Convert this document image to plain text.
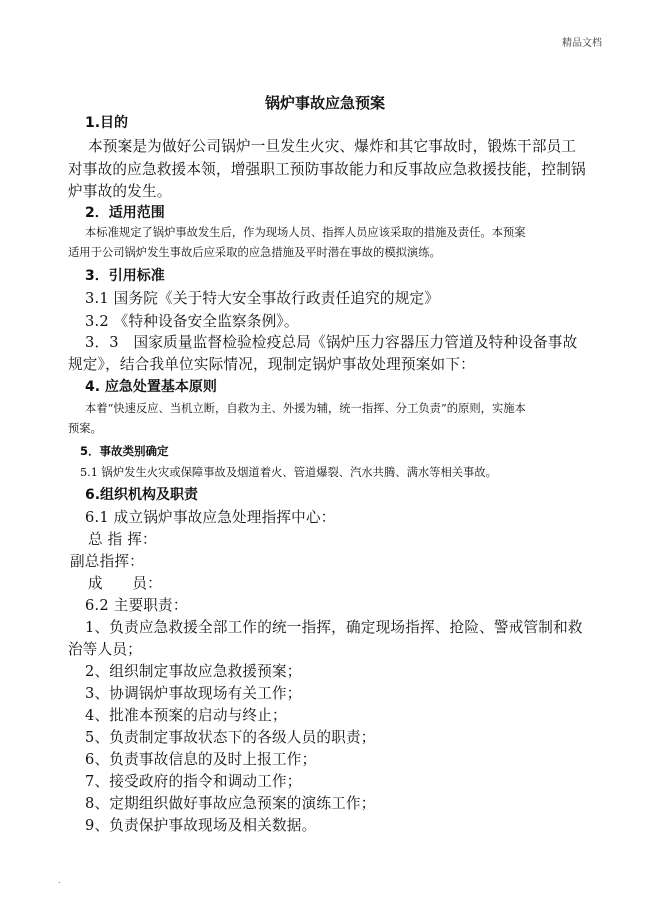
精品文档
锅炉事故应急预案
1.目的
本预案是为做好公司锅炉一旦发生火灾、爆炸和其它事故时，锻炼干部员工
对事故的应急救援本领，增强职工预防事故能力和反事故应急救援技能，控制锅
炉事故的发生。
2．适用范围
本标准规定了锅炉事故发生后，作为现场人员、指挥人员应该采取的措施及责任。本预案
适用于公司锅炉发生事故后应采取的应急措施及平时潜在事故的模拟演练。
3．引用标准
3.1 国务院《关于特大安全事故行政责任追究的规定》
3.2 《特种设备安全监察条例》。
3．3　国家质量监督检验检疫总局《锅炉压力容器压力管道及特种设备事故
规定》，结合我单位实际情况，现制定锅炉事故处理预案如下：
4. 应急处置基本原则
本着“快速反应、当机立断，自救为主、外援为辅，统一指挥、分工负责”的原则，实施本
预案。
5．事故类别确定
5.1 锅炉发生火灾或保障事故及烟道着火、管道爆裂、汽水共腾、满水等相关事故。
6.组织机构及职责
6.1 成立锅炉事故应急处理指挥中心：
总 指 挥：
副总指挥：
成　　员：
6.2 主要职责：
1、负责应急救援全部工作的统一指挥，确定现场指挥、抢险、警戒管制和救
治等人员；
2、组织制定事故应急救援预案；
3、协调锅炉事故现场有关工作；
4、批准本预案的启动与终止；
5、负责制定事故状态下的各级人员的职责；
6、负责事故信息的及时上报工作；
7、接受政府的指令和调动工作；
8、定期组织做好事故应急预案的演练工作；
9、负责保护事故现场及相关数据。
.
